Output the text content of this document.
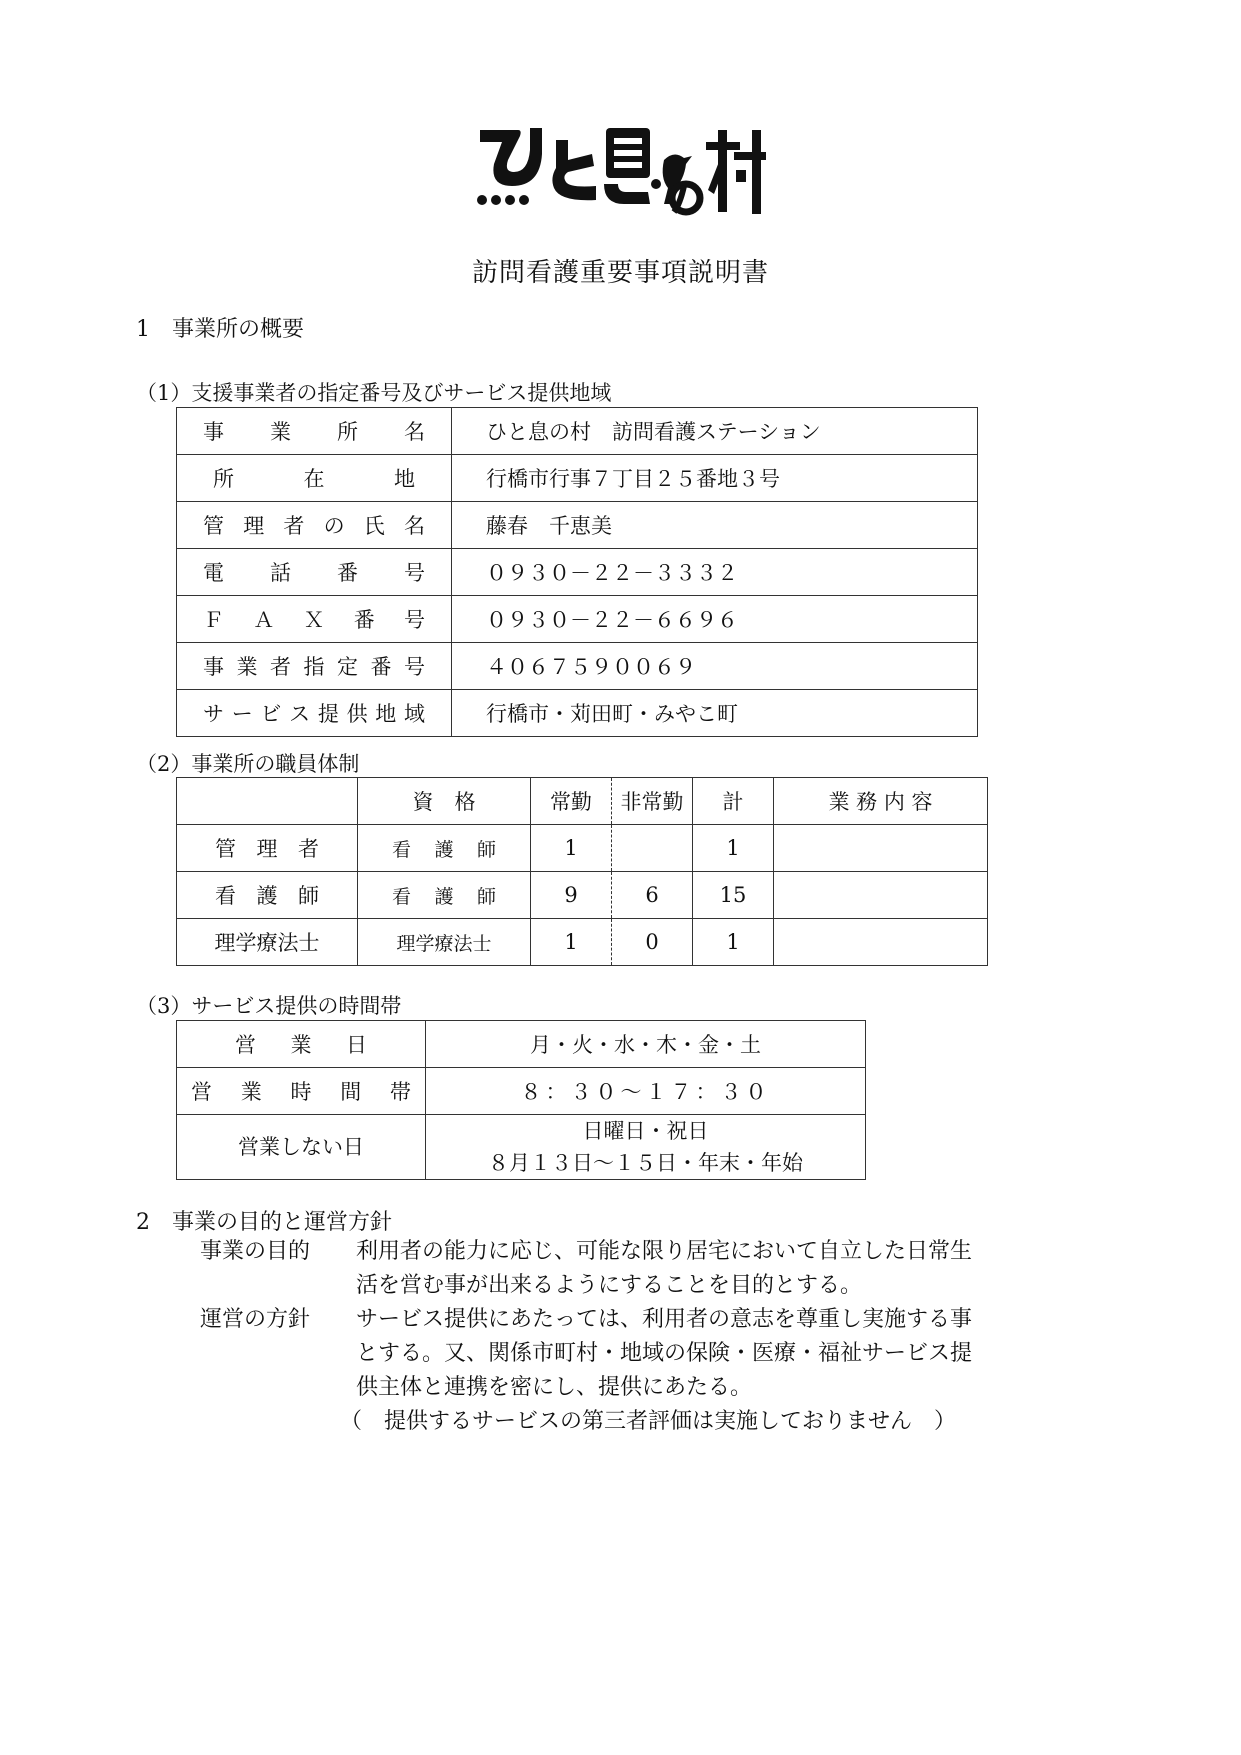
訪問看護重要事項説明書
1　事業所の概要
（1）支援事業者の指定番号及びサービス提供地域
事業所名	ひと息の村　訪問看護ステーション

所在地	行橋市行事７丁目２５番地３号
管理者の氏名	藤春　千恵美
電話番号	０９３０－２２－３３３２
ＦＡＸ番号	０９３０－２２－６６９６
事業者指定番号	４０６７５９００６９
サービス提供地域	行橋市・苅田町・みやこ町
（2）事業所の職員体制
	資　格	常勤	非常勤	計	業 務 内 容

管理者	看護師	1		1	

看護師	看護師	9	6	15	
理学療法士	理学療法士	1	0	1	
（3）サービス提供の時間帯
営業日	月・火・水・木・金・土
営業時間帯	８：３０～１７：３０
営業しない日	日曜日・祝日
８月１３日～１５日・年末・年始
2　事業の目的と運営方針
事業の目的 利用者の能力に応じ、可能な限り居宅において自立した日常生
活を営む事が出来るようにすることを目的とする。
運営の方針 サービス提供にあたっては、利用者の意志を尊重し実施する事
とする。又、関係市町村・地域の保険・医療・福祉サービス提
供主体と連携を密にし、提供にあたる。
（　提供するサービスの第三者評価は実施しておりません　）
